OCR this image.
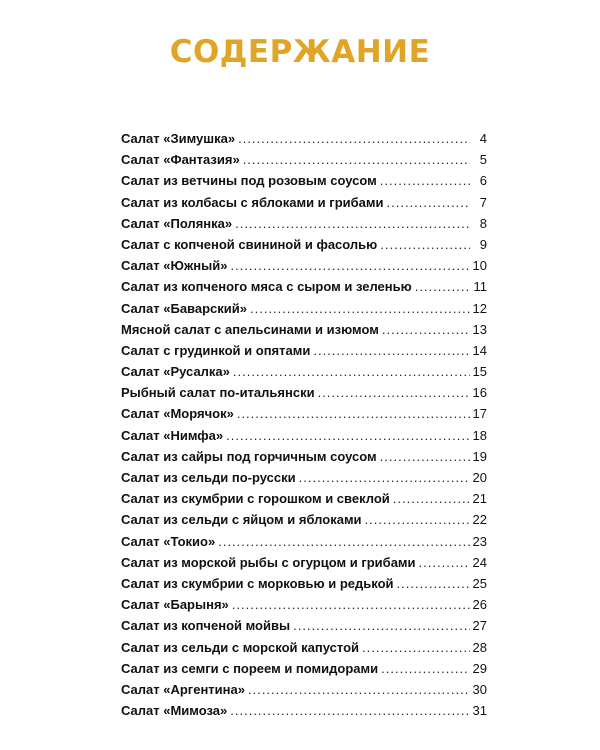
СОДЕРЖАНИЕ
Салат «Зимушка» .....	4
Салат «Фантазия» .....	5
Салат из ветчины под розовым соусом .....	6
Салат из колбасы с яблоками и грибами .....	7
Салат «Полянка» .....	8
Салат с копченой свининой и фасолью .....	9
Салат «Южный» .....	10
Салат из копченого мяса с сыром и зеленью .....	11
Салат «Баварский» .....	12
Мясной салат с апельсинами и изюмом .....	13
Салат с грудинкой и опятами .....	14
Салат «Русалка» .....	15
Рыбный салат по-итальянски .....	16
Салат «Морячок» .....	17
Салат «Нимфа» .....	18
Салат из сайры под горчичным соусом .....	19
Салат из сельди по-русски .....	20
Салат из скумбрии с горошком и свеклой .....	21
Салат из сельди с яйцом и яблоками .....	22
Салат «Токио» .....	23
Салат из морской рыбы с огурцом и грибами .....	24
Салат из скумбрии с морковью и редькой .....	25
Салат «Барыня» .....	26
Салат из копченой мойвы .....	27
Салат из сельди с морской капустой .....	28
Салат из семги с пореем и помидорами .....	29
Салат «Аргентина» .....	30
Салат «Мимоза» .....	31
